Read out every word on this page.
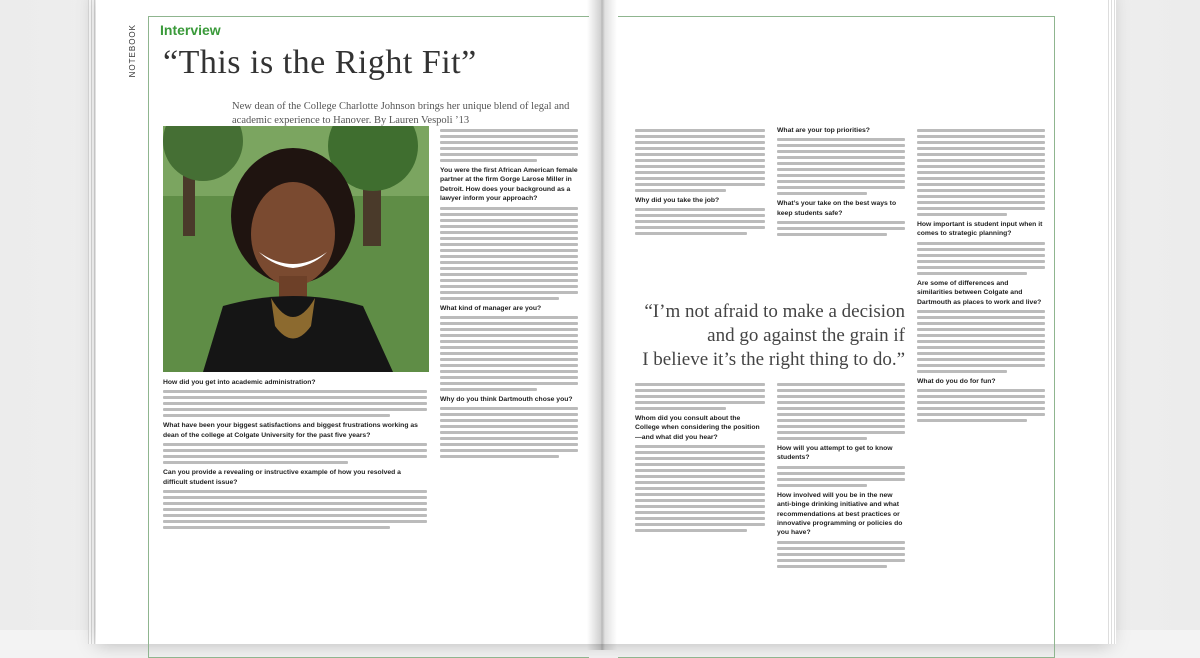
NOTEBOOK Interview
“This is the Right Fit”
New dean of the College Charlotte Johnson brings her unique blend of legal and academic experience to Hanover. By Lauren Vespoli ’13
How did you get into academic administration?
What have been your biggest satisfactions and biggest frustrations working as dean of the college at Colgate University for the past five years?
Can you provide a revealing or instructive example of how you resolved a difficult student issue?
You were the first African American female partner at the firm Gorge Larose Miller in Detroit. How does your background as a lawyer inform your approach?
What kind of manager are you?
Why do you think Dartmouth chose you?
Why did you take the job?
“I’m not afraid to make a decision
and go against the grain if
I believe it’s the right thing to do.”
Whom did you consult about the College when considering the position—and what did you hear?
What are your top priorities?
What’s your take on the best ways to keep students safe?
How will you attempt to get to know students?
How involved will you be in the new anti-binge drinking initiative and what recommendations at best practices or innovative programming or policies do you have?
How important is student input when it comes to strategic planning?
Are some of differences and similarities between Colgate and Dartmouth as places to work and live?
What do you do for fun?
